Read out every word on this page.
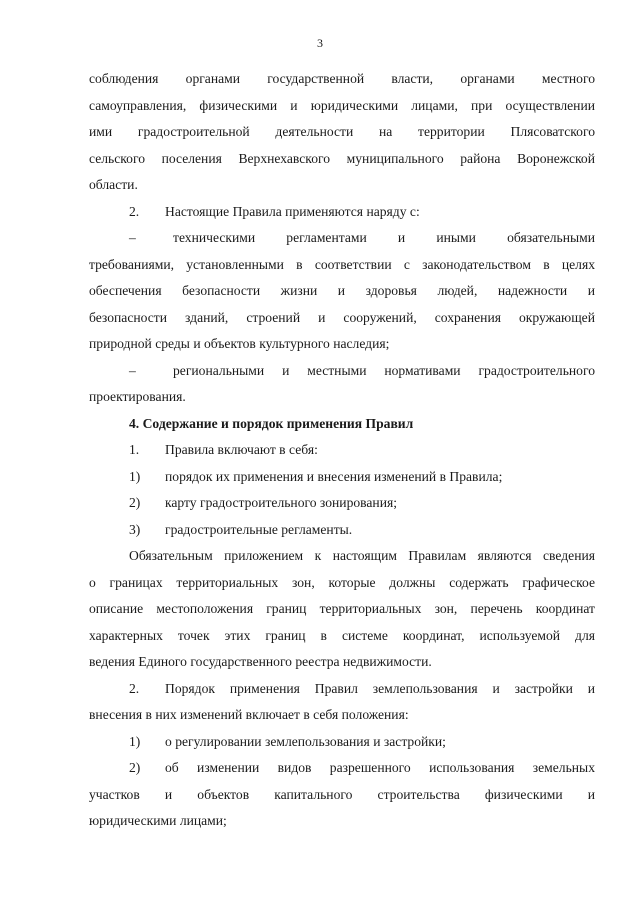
3
соблюдения органами государственной власти, органами местного
самоуправления, физическими и юридическими лицами, при осуществлении
ими градостроительной деятельности на территории Плясоватского
сельского поселения Верхнехавского муниципального района Воронежской
области.
2. Настоящие Правила применяются наряду с:
–	техническими регламентами и иными обязательными
требованиями, установленными в соответствии с законодательством в целях
обеспечения безопасности жизни и здоровья людей, надежности и
безопасности зданий, строений и сооружений, сохранения окружающей
природной среды и объектов культурного наследия;
–	региональными и местными нормативами градостроительного
проектирования.
4. Содержание и порядок применения Правил
1. Правила включают в себя:
1) порядок их применения и внесения изменений в Правила;
2) карту градостроительного зонирования;
3) градостроительные регламенты.
Обязательным приложением к настоящим Правилам являются сведения
о границах территориальных зон, которые должны содержать графическое
описание местоположения границ территориальных зон, перечень координат
характерных точек этих границ в системе координат, используемой для
ведения Единого государственного реестра недвижимости.
2. Порядок применения Правил землепользования и застройки и
внесения в них изменений включает в себя положения:
1) о регулировании землепользования и застройки;
2) об изменении видов разрешенного использования земельных
участков и объектов капитального строительства физическими и
юридическими лицами;
